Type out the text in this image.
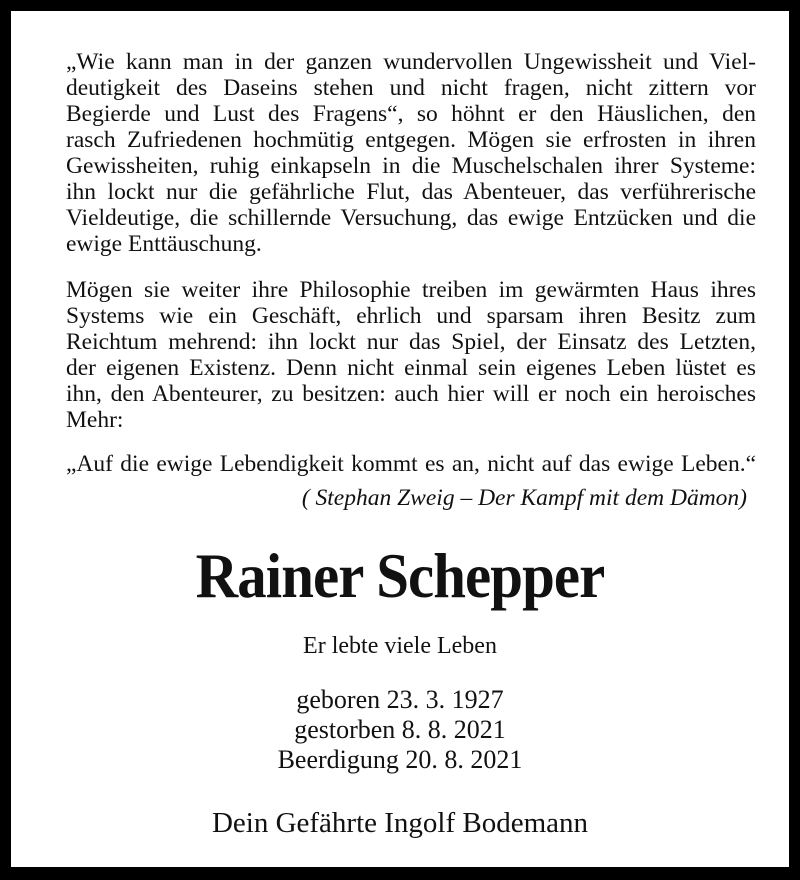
„Wie kann man in der ganzen wundervollen Ungewissheit und Viel-
deutigkeit des Daseins stehen und nicht fragen, nicht zittern vor
Begierde und Lust des Fragens“, so höhnt er den Häuslichen, den
rasch Zufriedenen hochmütig entgegen. Mögen sie erfrosten in ihren
Gewissheiten, ruhig einkapseln in die Muschelschalen ihrer Systeme:
ihn lockt nur die gefährliche Flut, das Abenteuer, das verführerische
Vieldeutige, die schillernde Versuchung, das ewige Entzücken und die
ewige Enttäuschung.
Mögen sie weiter ihre Philosophie treiben im gewärmten Haus ihres
Systems wie ein Geschäft, ehrlich und sparsam ihren Besitz zum
Reichtum mehrend: ihn lockt nur das Spiel, der Einsatz des Letzten,
der eigenen Existenz. Denn nicht einmal sein eigenes Leben lüstet es
ihn, den Abenteurer, zu besitzen: auch hier will er noch ein heroisches
Mehr:
„Auf die ewige Lebendigkeit kommt es an, nicht auf das ewige Leben.“
( Stephan Zweig – Der Kampf mit dem Dämon)
Rainer Schepper
Er lebte viele Leben
geboren 23. 3. 1927
gestorben 8. 8. 2021
Beerdigung 20. 8. 2021
Dein Gefährte Ingolf Bodemann
